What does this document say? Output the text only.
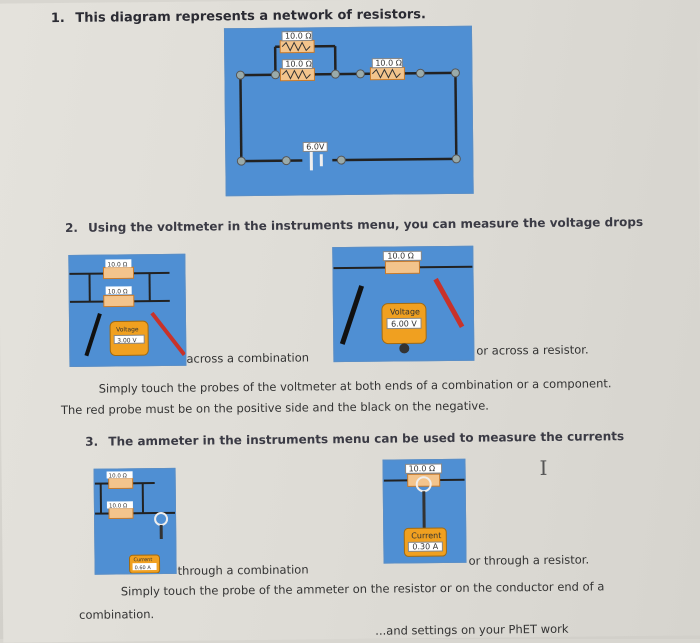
1. This diagram represents a network of resistors.
10.0 Ω
10.0 Ω	10.0 Ω
6.0V
2. Using the voltmeter in the instruments menu, you can measure the voltage drops
10.0 Ω
10.0 Ω
Voltage
3.00 V
across a combination
10.0 Ω
Voltage
6.00 V
or across a resistor.
Simply touch the probes of the voltmeter at both ends of a combination or a component.
The red probe must be on the positive side and the black on the negative.
3. The ammeter in the instruments menu can be used to measure the currents
10.0 Ω
10.0 Ω
Current
0.60 A through a combination
10.0 Ω
Current
0.30 A
or through a resistor.
Ι
Simply touch the probe of the ammeter on the resistor or on the conductor end of a
combination.
...and settings on your PhET work
